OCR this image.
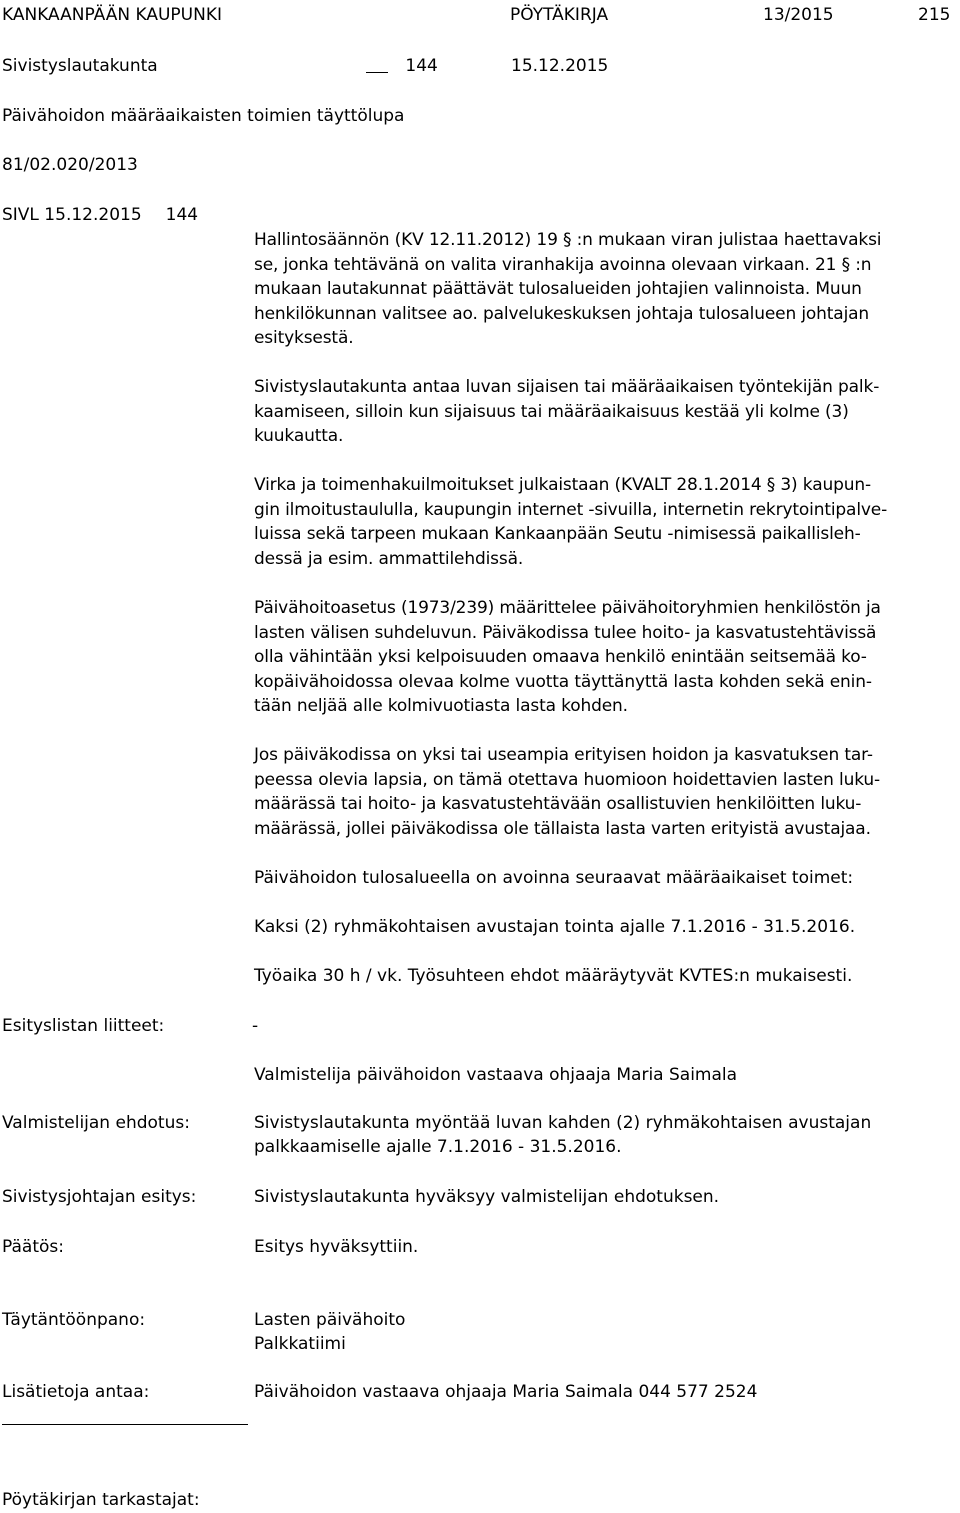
KANKAANPÄÄN KAUPUNKI	PÖYTÄKIRJA	13/2015	215
Sivistyslautakunta	144	15.12.2015
Päivähoidon määräaikaisten toimien täyttölupa
81/02.020/2013
SIVL 15.12.2015 144

Hallintosäännön (KV 12.11.2012) 19 § :n mukaan viran julistaa haettavaksi

se, jonka tehtävänä on valita viranhakija avoinna olevaan virkaan. 21 § :n

mukaan lautakunnat päättävät tulosalueiden johtajien valinnoista. Muun

henkilökunnan valitsee ao. palvelukeskuksen johtaja tulosalueen johtajan

esityksestä.

Sivistyslautakunta antaa luvan sijaisen tai määräaikaisen työntekijän palk-

kaamiseen, silloin kun sijaisuus tai määräaikaisuus kestää yli kolme (3)

kuukautta.

Virka ja toimenhakuilmoitukset julkaistaan (KVALT 28.1.2014 § 3) kaupun-

gin ilmoitustaululla, kaupungin internet -sivuilla, internetin rekrytointipalve-

luissa sekä tarpeen mukaan Kankaanpään Seutu -nimisessä paikallisleh-

dessä ja esim. ammattilehdissä.

Päivähoitoasetus (1973/239) määrittelee päivähoitoryhmien henkilöstön ja

lasten välisen suhdeluvun. Päiväkodissa tulee hoito- ja kasvatustehtävissä

olla vähintään yksi kelpoisuuden omaava henkilö enintään seitsemää ko-

kopäivähoidossa olevaa kolme vuotta täyttänyttä lasta kohden sekä enin-

tään neljää alle kolmivuotiasta lasta kohden.

Jos päiväkodissa on yksi tai useampia erityisen hoidon ja kasvatuksen tar-

peessa olevia lapsia, on tämä otettava huomioon hoidettavien lasten luku-

määrässä tai hoito- ja kasvatustehtävään osallistuvien henkilöitten luku-

määrässä, jollei päiväkodissa ole tällaista lasta varten erityistä avustajaa.

Päivähoidon tulosalueella on avoinna seuraavat määräaikaiset toimet:
Kaksi (2) ryhmäkohtaisen avustajan tointa ajalle 7.1.2016 - 31.5.2016.
Työaika 30 h / vk. Työsuhteen ehdot määräytyvät KVTES:n mukaisesti.
Esityslistan liitteet:	-
Valmistelija päivähoidon vastaava ohjaaja Maria Saimala
Valmistelijan ehdotus:	Sivistyslautakunta myöntää luvan kahden (2) ryhmäkohtaisen avustajan
palkkaamiselle ajalle 7.1.2016 - 31.5.2016.
Sivistysjohtajan esitys:	Sivistyslautakunta hyväksyy valmistelijan ehdotuksen.
Päätös:	Esitys hyväksyttiin.
Täytäntöönpano:	Lasten päivähoito
Palkkatiimi
Lisätietoja antaa:	Päivähoidon vastaava ohjaaja Maria Saimala 044 577 2524
Pöytäkirjan tarkastajat:
